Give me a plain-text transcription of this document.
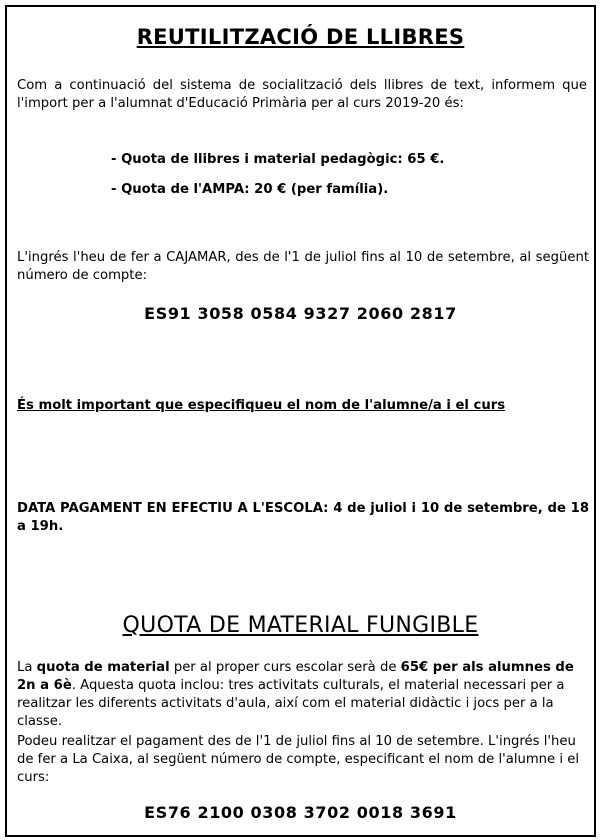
REUTILITZACIÓ DE LLIBRES
Com a continuació del sistema de socialització dels llibres de text, informem que l'import per a l'alumnat d'Educació Primària per al curs 2019-20 és:
- Quota de llibres i material pedagògic: 65 €.
- Quota de l'AMPA: 20 € (per família).
L'ingrés l'heu de fer a CAJAMAR, des de l'1 de juliol fins al 10 de setembre, al següent número de compte:
ES91 3058 0584 9327 2060 2817
És molt important que especifiqueu el nom de l'alumne/a i el curs
DATA PAGAMENT EN EFECTIU A L'ESCOLA: 4 de juliol i 10 de setembre, de 18 a 19h.
QUOTA DE MATERIAL FUNGIBLE
La quota de material per al proper curs escolar serà de 65€ per als alumnes de 2n a 6è. Aquesta quota inclou: tres activitats culturals, el material necessari per a realitzar les diferents activitats d'aula, així com el material didàctic i jocs per a la classe.
Podeu realitzar el pagament des de l'1 de juliol fins al 10 de setembre. L'ingrés l'heu de fer a La Caixa, al següent número de compte, especificant el nom de l'alumne i el curs:
ES76 2100 0308 3702 0018 3691
